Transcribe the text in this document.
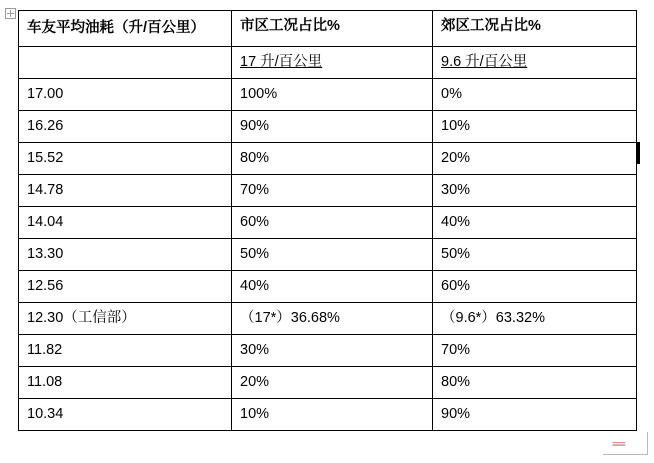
≡≡≡
车友平均油耗（升/百公里）	市区工况占比%	郊区工况占比%
	17 升/百公里	9.6 升/百公里
17.00	100%	0%
16.26	90%	10%
15.52	80%	20%
14.78	70%	30%
14.04	60%	40%
13.30	50%	50%
12.56	40%	60%
12.30（工信部）	（17*）36.68%	（9.6*）63.32%
11.82	30%	70%
11.08	20%	80%
10.34	10%	90%
